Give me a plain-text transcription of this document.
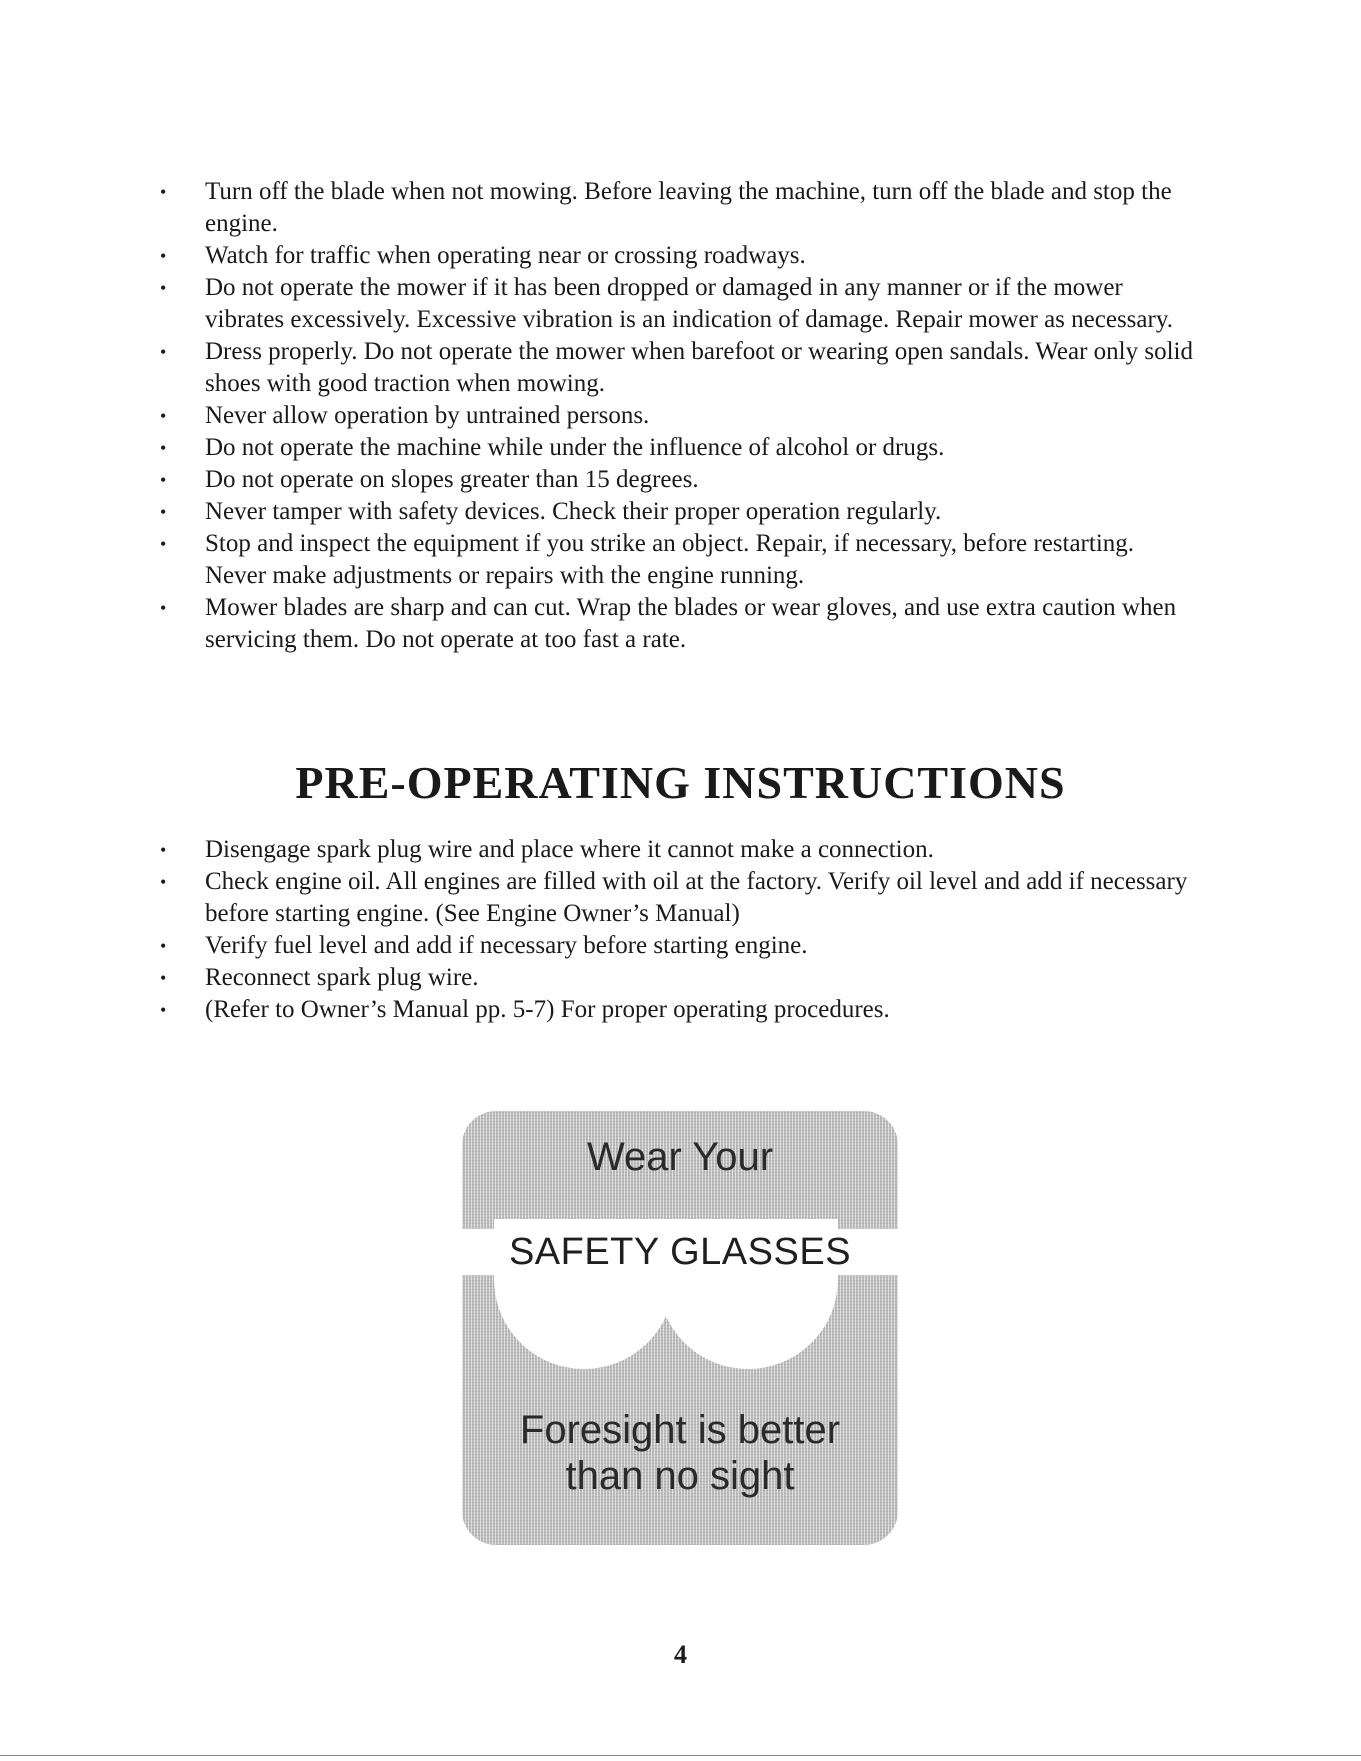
• Turn off the blade when not mowing. Before leaving the machine, turn off the blade and stop the engine.
• Watch for traffic when operating near or crossing roadways.
• Do not operate the mower if it has been dropped or damaged in any manner or if the mower vibrates excessively. Excessive vibration is an indication of damage. Repair mower as necessary.
• Dress properly. Do not operate the mower when barefoot or wearing open sandals. Wear only solid shoes with good traction when mowing.
• Never allow operation by untrained persons.
• Do not operate the machine while under the influence of alcohol or drugs.
• Do not operate on slopes greater than 15 degrees.
• Never tamper with safety devices. Check their proper operation regularly.
• Stop and inspect the equipment if you strike an object. Repair, if necessary, before restarting. Never make adjustments or repairs with the engine running.
• Mower blades are sharp and can cut. Wrap the blades or wear gloves, and use extra caution when servicing them. Do not operate at too fast a rate.
PRE-OPERATING INSTRUCTIONS
• Disengage spark plug wire and place where it cannot make a connection.
• Check engine oil. All engines are filled with oil at the factory. Verify oil level and add if necessary before starting engine. (See Engine Owner’s Manual)
• Verify fuel level and add if necessary before starting engine.
• Reconnect spark plug wire.
• (Refer to Owner’s Manual pp. 5-7) For proper operating procedures.
Wear Your
SAFETY GLASSES
Foresight is better
than no sight
4
